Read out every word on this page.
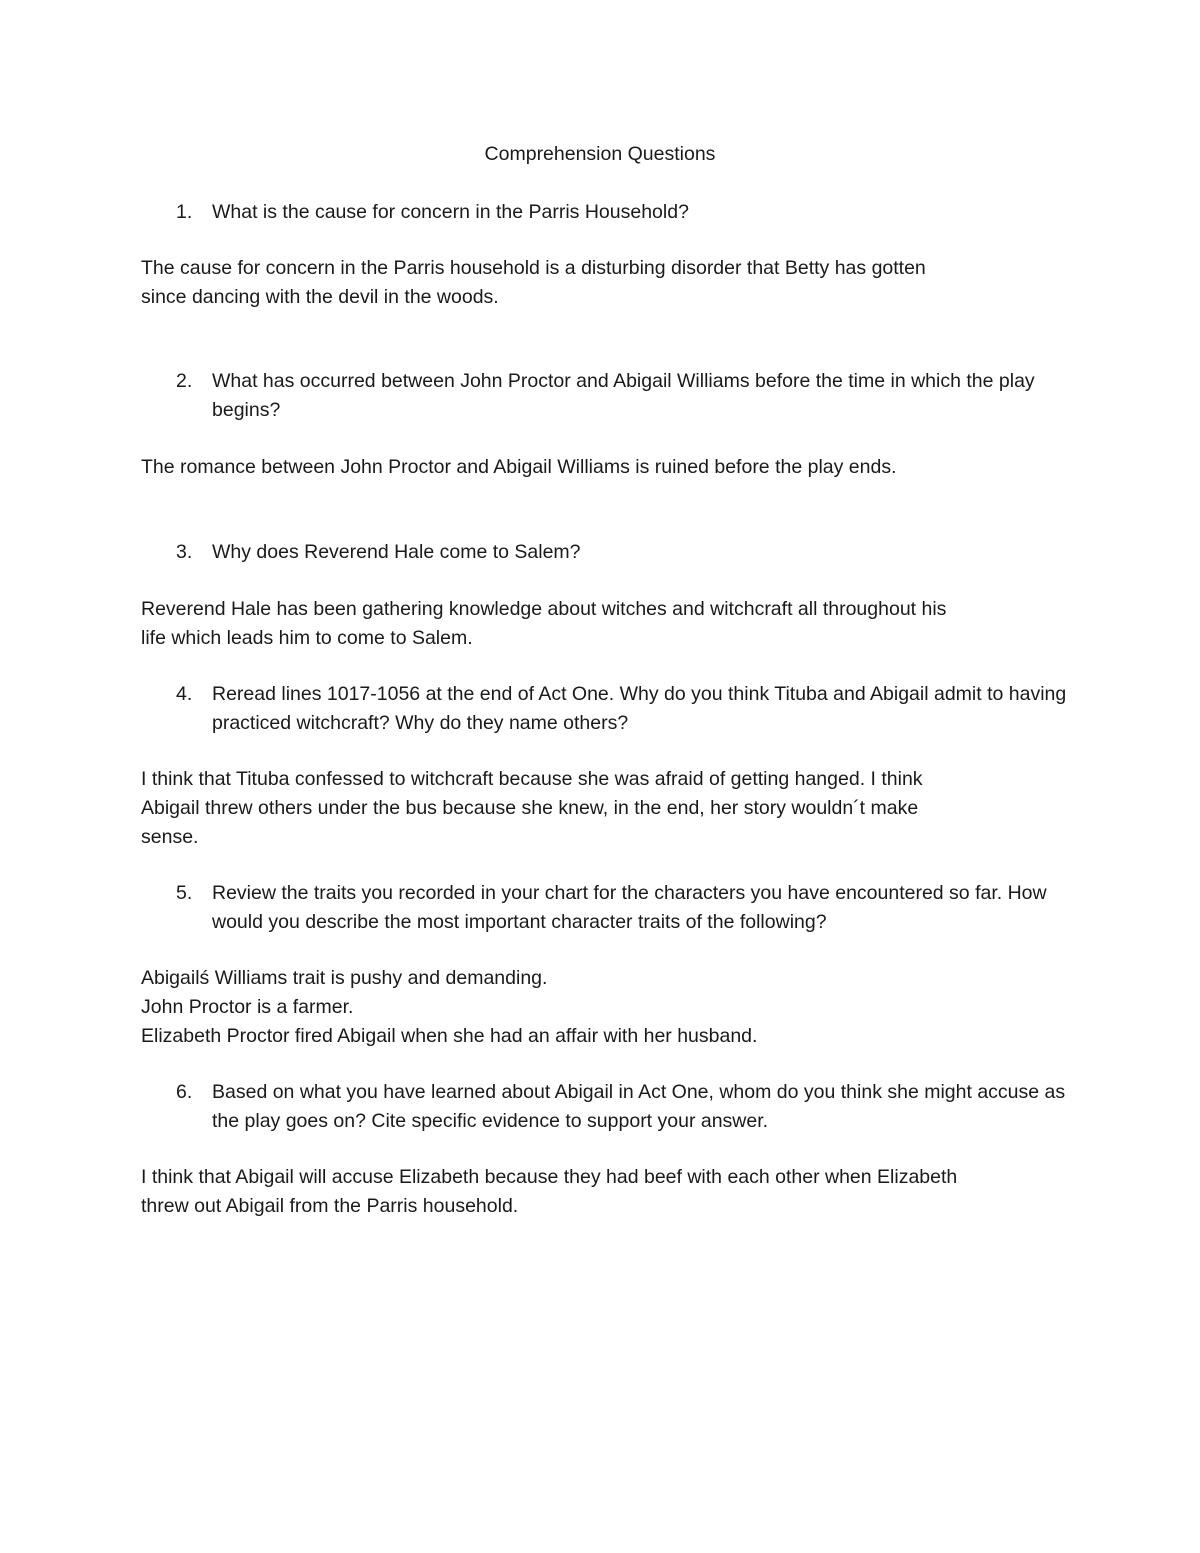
Comprehension Questions
1.	What is the cause for concern in the Parris Household?
The cause for concern in the Parris household is a disturbing disorder that Betty has gotten
since dancing with the devil in the woods.
2.	What has occurred between John Proctor and Abigail Williams before the time in which the play begins?
The romance between John Proctor and Abigail Williams is ruined before the play ends.
3.	Why does Reverend Hale come to Salem?
Reverend Hale has been gathering knowledge about witches and witchcraft all throughout his
life which leads him to come to Salem.
4.	Reread lines 1017-1056 at the end of Act One. Why do you think Tituba and Abigail admit to having practiced witchcraft? Why do they name others?
I think that Tituba confessed to witchcraft because she was afraid of getting hanged. I think
Abigail threw others under the bus because she knew, in the end, her story wouldn´t make
sense.
5.	Review the traits you recorded in your chart for the characters you have encountered so far. How would you describe the most important character traits of the following?
Abigailś Williams trait is pushy and demanding.
John Proctor is a farmer.
Elizabeth Proctor fired Abigail when she had an affair with her husband.
6.	Based on what you have learned about Abigail in Act One, whom do you think she might accuse as the play goes on? Cite specific evidence to support your answer.
I think that Abigail will accuse Elizabeth because they had beef with each other when Elizabeth
threw out Abigail from the Parris household.
